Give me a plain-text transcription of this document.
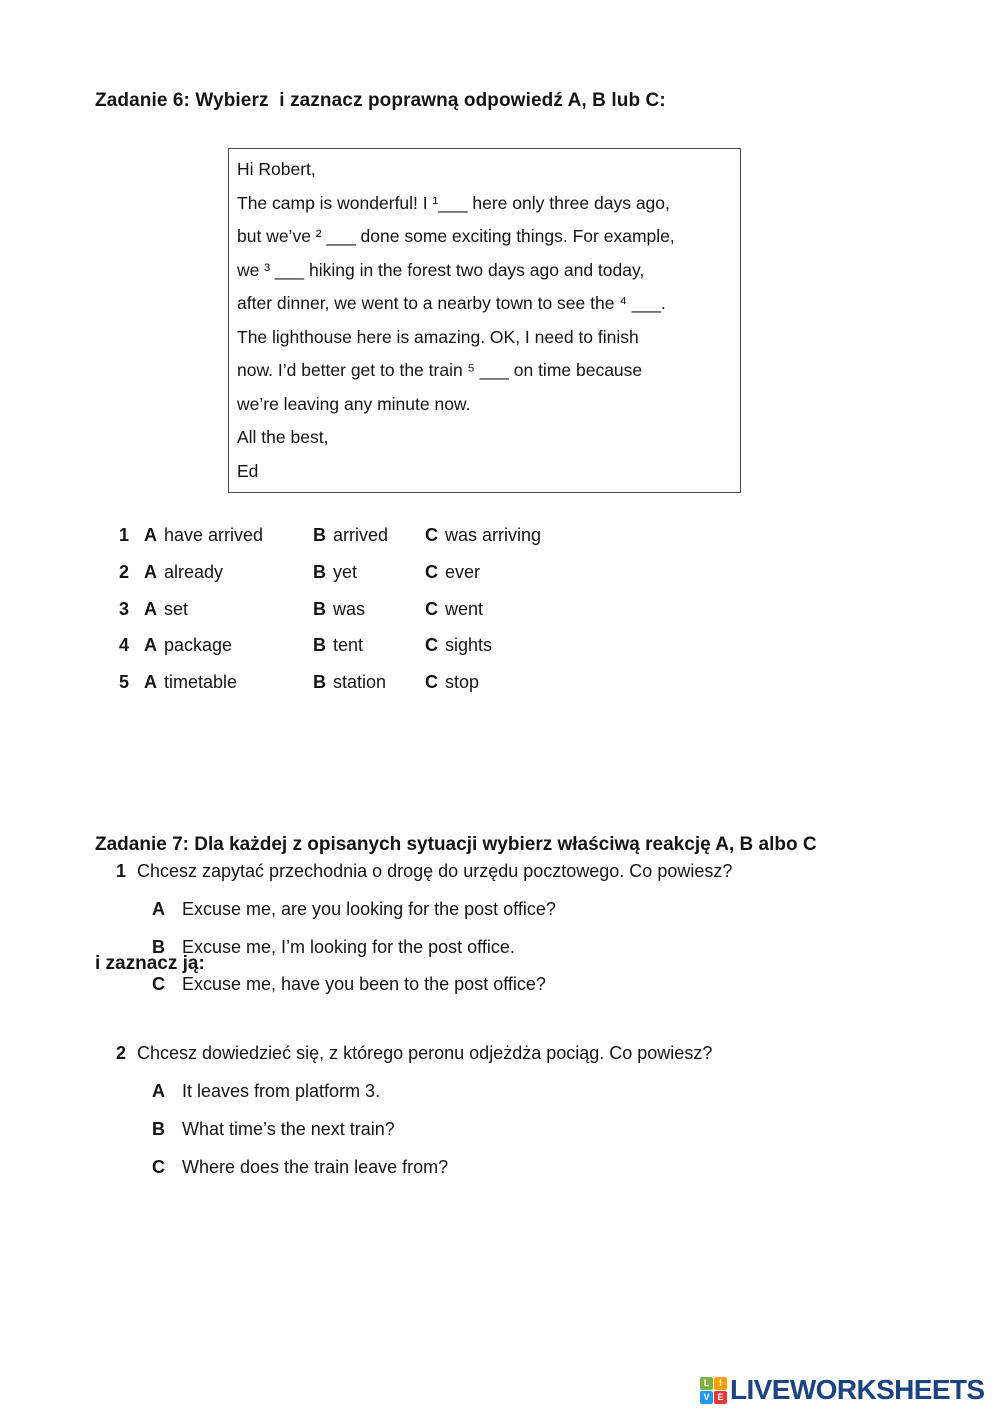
Zadanie 6: Wybierz  i zaznacz poprawną odpowiedź A, B lub C:
Hi Robert,
The camp is wonderful! I ¹___ here only three days ago,
but we’ve ² ___ done some exciting things. For example,
we ³ ___ hiking in the forest two days ago and today,
after dinner, we went to a nearby town to see the ⁴ ___.
The lighthouse here is amazing. OK, I need to finish
now. I’d better get to the train ⁵ ___ on time because
we’re leaving any minute now.
All the best,
Ed
1 A have arrived	B arrived C was arriving
2 A already	B yet	C ever
3 A set	B was	C went
4 A package	B tent	C sights
5 A timetable	B station C stop

Zadanie 7: Dla każdej z opisanych sytuacji wybierz właściwą reakcję A, B albo C

i zaznacz ją:

1 Chcesz zapytać przechodnia o drogę do urzędu pocztowego. Co powiesz?
A Excuse me, are you looking for the post office?
B Excuse me, I’m looking for the post office.
C Excuse me, have you been to the post office?
2 Chcesz dowiedzieć się, z którego peronu odjeżdża pociąg. Co powiesz?
A It leaves from platform 3.
B What time’s the next train?
C Where does the train leave from?
L	I
V E LIVEWORKSHEETS
